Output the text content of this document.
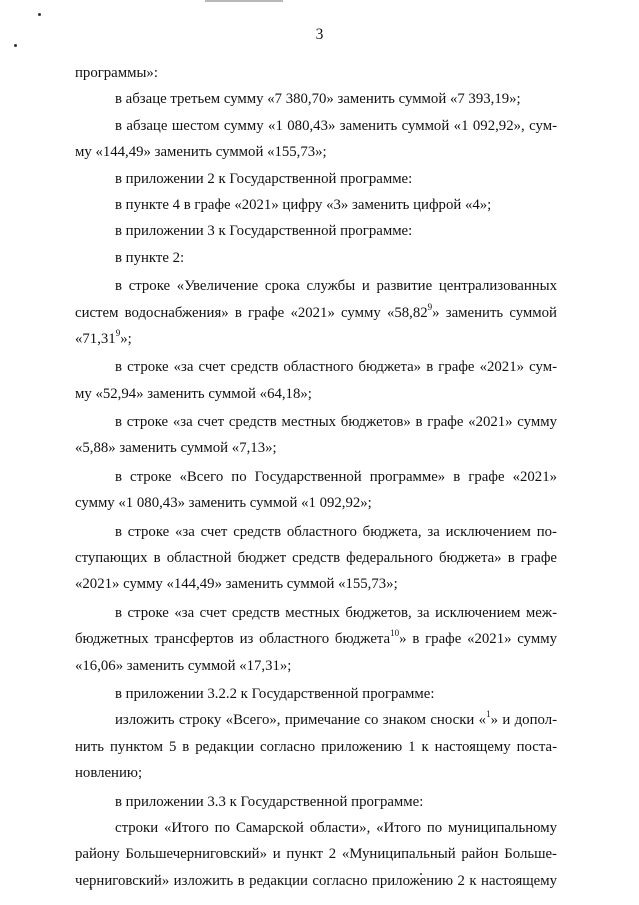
3
программы»:
в абзаце третьем сумму «7 380,70» заменить суммой «7 393,19»;
в абзаце шестом сумму «1 080,43» заменить суммой «1 092,92», сум-
му «144,49» заменить суммой «155,73»;
в приложении 2 к Государственной программе:
в пункте 4 в графе «2021» цифру «3» заменить цифрой «4»;
в приложении 3 к Государственной программе:
в пункте 2:
в строке «Увеличение срока службы и развитие централизованных
систем водоснабжения» в графе «2021» сумму «58,82$^9$» заменить суммой
«71,31$^9$»;
в строке «за счет средств областного бюджета» в графе «2021» сум-
му «52,94» заменить суммой «64,18»;
в строке «за счет средств местных бюджетов» в графе «2021» сумму
«5,88» заменить суммой «7,13»;
в строке «Всего по Государственной программе» в графе «2021»
сумму «1 080,43» заменить суммой «1 092,92»;
в строке «за счет средств областного бюджета, за исключением по-
ступающих в областной бюджет средств федерального бюджета» в графе
«2021» сумму «144,49» заменить суммой «155,73»;
в строке «за счет средств местных бюджетов, за исключением меж-
бюджетных трансфертов из областного бюджета$^{10}$» в графе «2021» сумму
«16,06» заменить суммой «17,31»;
в приложении 3.2.2 к Государственной программе:
изложить строку «Всего», примечание со знаком сноски «$^1$» и допол-
нить пунктом 5 в редакции согласно приложению 1 к настоящему поста-
новлению;
в приложении 3.3 к Государственной программе:
строки «Итого по Самарской области», «Итого по муниципальному
району Большечерниговский» и пункт 2 «Муниципальный район Больше-
черниговский» изложить в редакции согласно приложению 2 к настоящему
